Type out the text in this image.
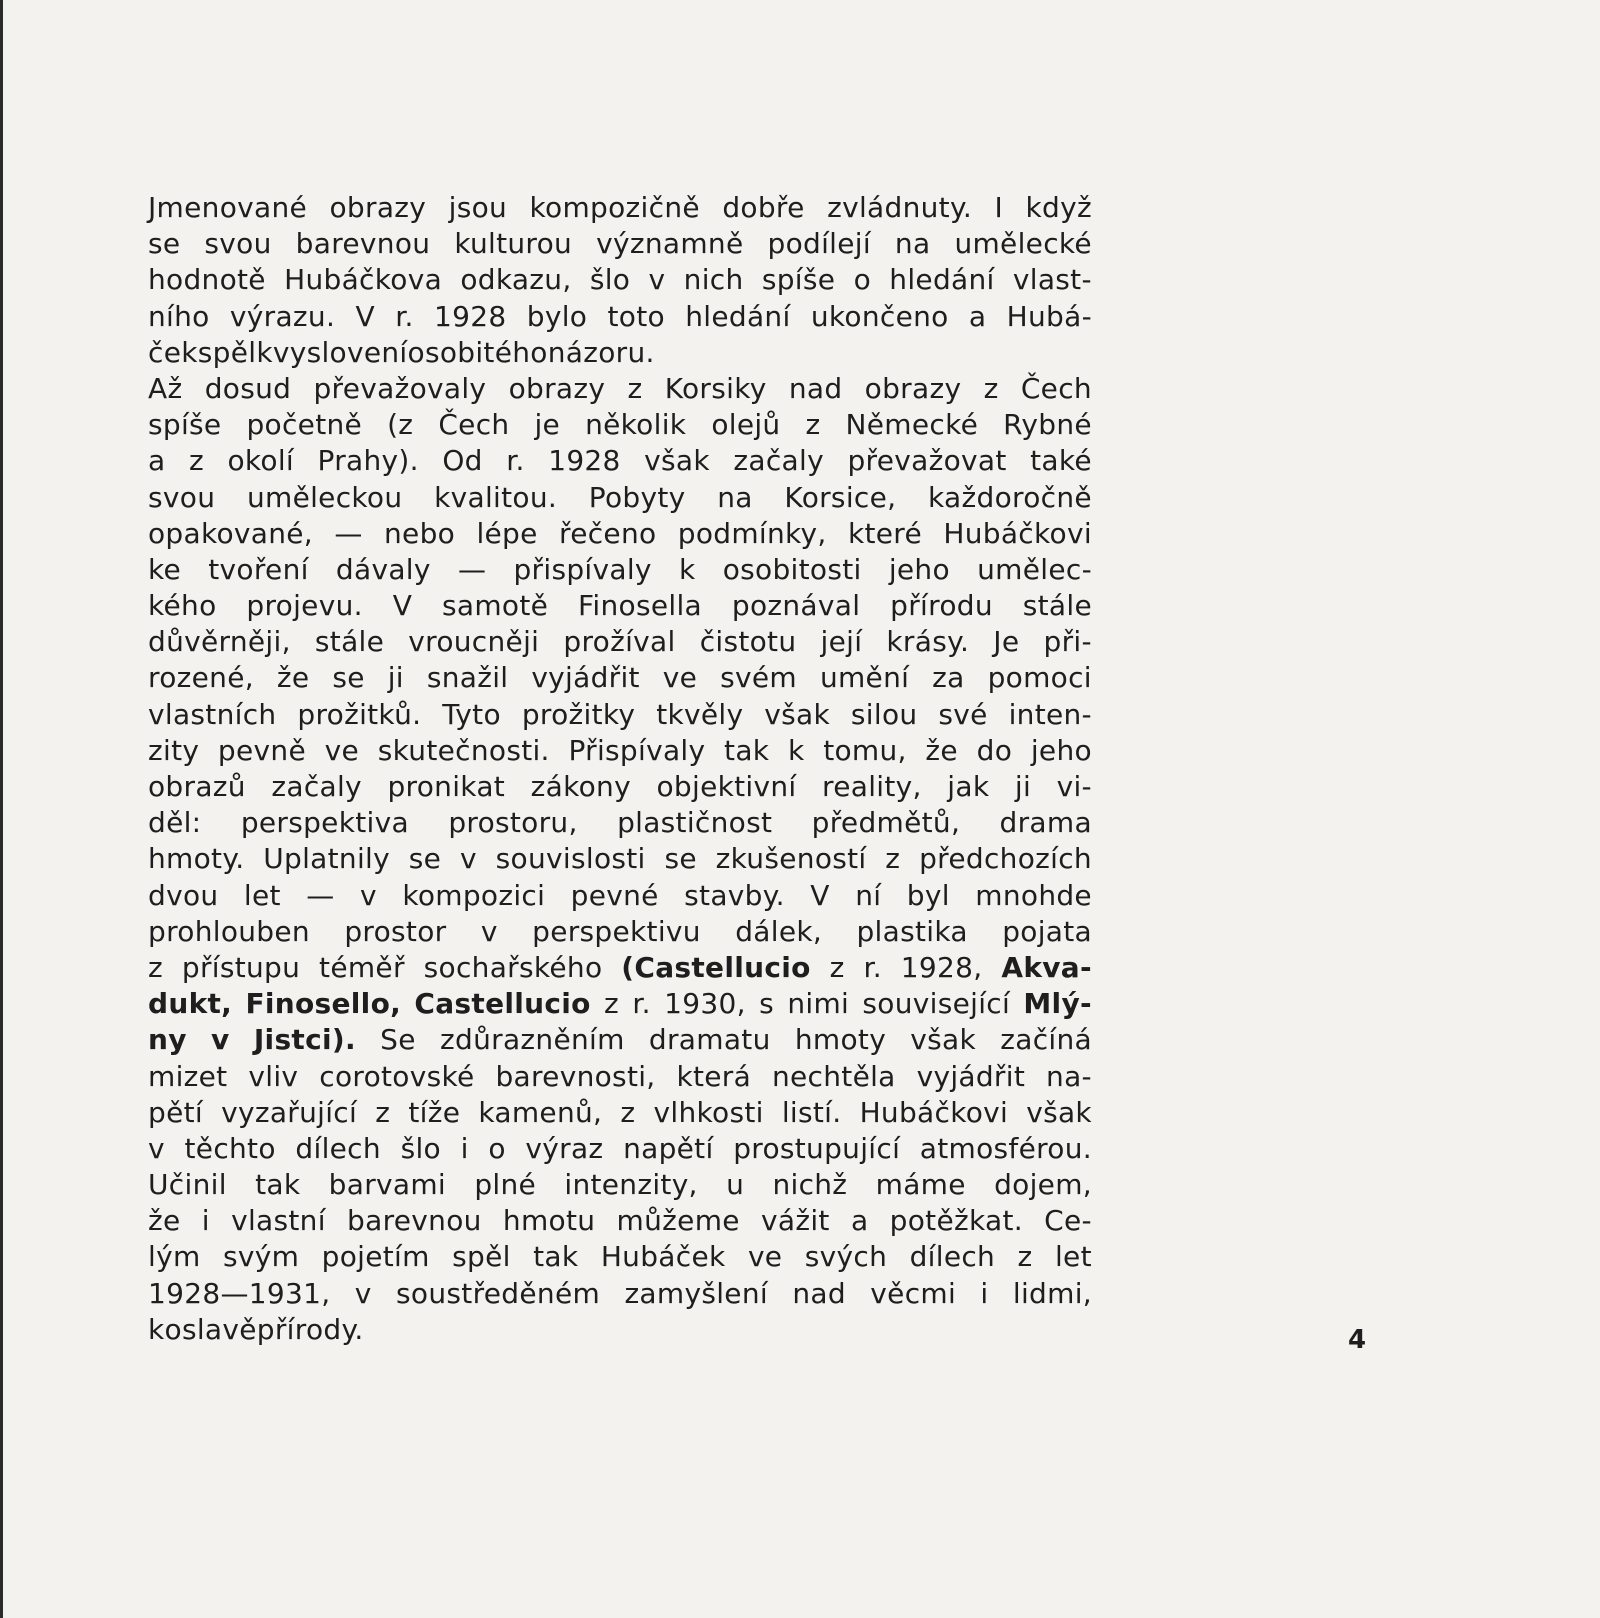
Jmenované obrazy jsou kompozičně dobře zvládnuty. I když
se svou barevnou kulturou významně podílejí na umělecké
hodnotě Hubáčkova odkazu, šlo v nich spíše o hledání vlast-
ního výrazu. V r. 1928 bylo toto hledání ukončeno a Hubá-
ček spěl k vyslovení osobitého názoru.
Až dosud převažovaly obrazy z Korsiky nad obrazy z Čech
spíše početně (z Čech je několik olejů z Německé Rybné
a z okolí Prahy). Od r. 1928 však začaly převažovat také
svou uměleckou kvalitou. Pobyty na Korsice, každoročně
opakované, — nebo lépe řečeno podmínky, které Hubáčkovi
ke tvoření dávaly — přispívaly k osobitosti jeho umělec-
kého projevu. V samotě Finosella poznával přírodu stále
důvěrněji, stále vroucněji prožíval čistotu její krásy. Je při-
rozené, že se ji snažil vyjádřit ve svém umění za pomoci
vlastních prožitků. Tyto prožitky tkvěly však silou své inten-
zity pevně ve skutečnosti. Přispívaly tak k tomu, že do jeho
obrazů začaly pronikat zákony objektivní reality, jak ji vi-
děl: perspektiva prostoru, plastičnost předmětů, drama
hmoty. Uplatnily se v souvislosti se zkušeností z předchozích
dvou let — v kompozici pevné stavby. V ní byl mnohde
prohlouben prostor v perspektivu dálek, plastika pojata
z přístupu téměř sochařského (Castellucio z r. 1928, Akva-
dukt, Finosello, Castellucio z r. 1930, s nimi související Mlý-
ny v Jistci). Se zdůrazněním dramatu hmoty však začíná
mizet vliv corotovské barevnosti, která nechtěla vyjádřit na-
pětí vyzařující z tíže kamenů, z vlhkosti listí. Hubáčkovi však
v těchto dílech šlo i o výraz napětí prostupující atmosférou.
Učinil tak barvami plné intenzity, u nichž máme dojem,
že i vlastní barevnou hmotu můžeme vážit a potěžkat. Ce-
lým svým pojetím spěl tak Hubáček ve svých dílech z let
1928—1931, v soustředěném zamyšlení nad věcmi i lidmi,
k oslavě přírody.	4
